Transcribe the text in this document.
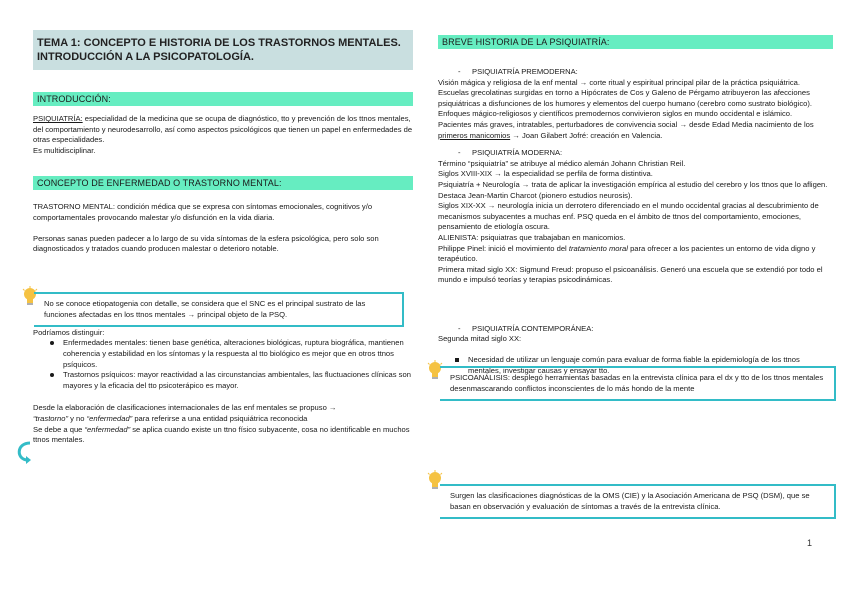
TEMA 1: CONCEPTO E HISTORIA DE LOS TRASTORNOS MENTALES. INTRODUCCIÓN A LA PSICOPATOLOGÍA.
INTRODUCCIÓN:

PSIQUIATRÍA: especialidad de la medicina que se ocupa de diagnóstico, tto y prevención de los ttnos mentales, del comportamiento y neurodesarrollo, así como aspectos psicológicos que tienen un papel en enfermedades de otras especialidades.

Es multidisciplinar.

CONCEPTO DE ENFERMEDAD O TRASTORNO MENTAL:

TRASTORNO MENTAL: condición médica que se expresa con síntomas emocionales, cognitivos y/o comportamentales provocando malestar y/o disfunción en la vida diaria.

Personas sanas pueden padecer a lo largo de su vida síntomas de la esfera psicológica, pero solo son diagnosticados y tratados cuando producen malestar o deterioro notable.

Podríamos distinguir:

Enfermedades mentales: tienen base genética, alteraciones biológicas, ruptura biográfica, mantienen coherencia y estabilidad en los síntomas y la respuesta al tto biológico es mejor que en otros ttnos psíquicos.
Trastornos psíquicos: mayor reactividad a las circunstancias ambientales, las fluctuaciones clínicas son mayores y la eficacia del tto psicoterápico es mayor.

Desde la elaboración de clasificaciones internacionales de las enf mentales se propuso →
“trastorno” y no “enfermedad” para referirse a una entidad psiquiátrica reconocida

Se debe a que “enfermedad” se aplica cuando existe un ttno físico subyacente, cosa no identificable en muchos ttnos mentales.

No se conoce etiopatogenia con detalle, se considera que el SNC es el principal sustrato de las funciones afectadas en los ttnos mentales → principal objeto de la PSQ.
BREVE HISTORIA DE LA PSIQUIATRÍA:

- PSIQUIATRÍA PREMODERNA:

Visión mágica y religiosa de la enf mental → corte ritual y espiritual principal pilar de la práctica psiquiátrica.

Escuelas grecolatinas surgidas en torno a Hipócrates de Cos y Galeno de Pérgamo atribuyeron las afecciones psiquiátricas a disfunciones de los humores y elementos del cuerpo humano (cerebro como sustrato biológico).

Enfoques mágico-religiosos y científicos premodernos convivieron siglos en mundo occidental e islámico.

Pacientes más graves, intratables, perturbadores de convivencia social → desde Edad Media nacimiento de los primeros manicomios → Joan Gilabert Jofré: creación en Valencia.

- PSIQUIATRÍA MODERNA:

Término “psiquiatría” se atribuye al médico alemán Johann Christian Reil.

Siglos XVIII-XIX → la especialidad se perfila de forma distintiva.

Psiquiatría + Neurología → trata de aplicar la investigación empírica al estudio del cerebro y los ttnos que lo afligen. Destaca Jean-Martin Charcot (pionero estudios neurosis).

Siglos XIX-XX → neurología inicia un derrotero diferenciado en el mundo occidental gracias al descubrimiento de mecanismos subyacentes a muchas enf. PSQ queda en el ámbito de ttnos del comportamiento, emociones, pensamiento de etiología oscura.

ALIENISTA: psiquiatras que trabajaban en manicomios.

Philippe Pinel: inició el movimiento del tratamiento moral para ofrecer a los pacientes un entorno de vida digno y terapéutico.

Primera mitad siglo XX: Sigmund Freud: propuso el psicoanálisis. Generó una escuela que se extendió por todo el mundo e impulsó teorías y terapias psicodinámicas.

- PSIQUIATRÍA CONTEMPORÁNEA:

Segunda mitad siglo XX:

Necesidad de utilizar un lenguaje común para evaluar de forma fiable la epidemiología de los ttnos mentales, investigar causas y ensayar tto.
PSICOANÁLISIS: desplegó herramientas basadas en la entrevista clínica para el dx y tto de los ttnos mentales desenmascarando conflictos inconscientes de lo más hondo de la mente
Surgen las clasificaciones diagnósticas de la OMS (CIE) y la Asociación Americana de PSQ (DSM), que se basan en observación y evaluación de síntomas a través de la entrevista clínica.
1
